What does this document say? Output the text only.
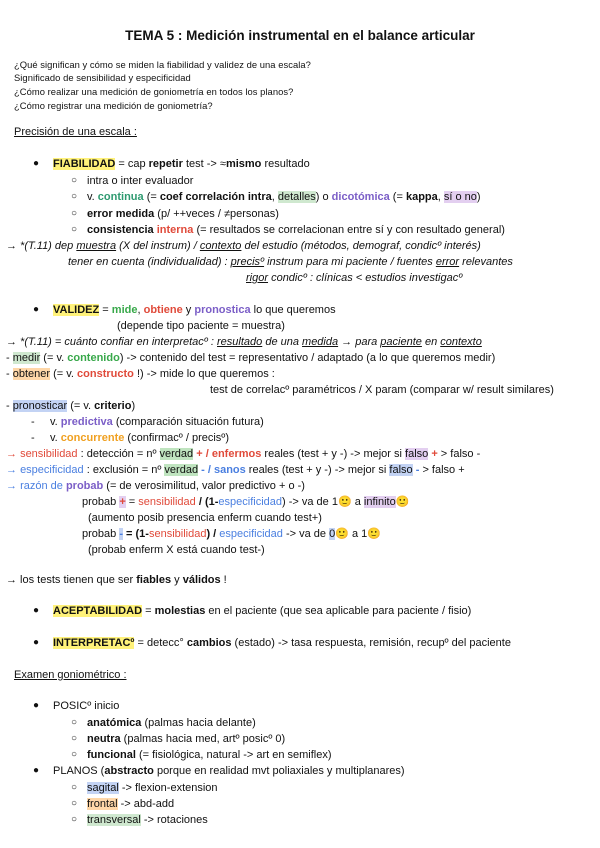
TEMA 5 : Medición instrumental en el balance articular
¿Qué significan y cómo se miden la fiabilidad y validez de una escala?
Significado de sensibilidad y especificidad
¿Cómo realizar una medición de goniometría en todos los planos?
¿Cómo registrar una medición de goniometría?
Precisión de una escala :
● FIABILIDAD = cap repetir test -> ≈mismo resultado
○ intra o inter evaluador
○ v. continua (= coef correlación intra, detalles) o dicotómica (= kappa, sí o no)
○ error medida (p/ ++veces / ≠personas)
○ consistencia interna (= resultados se correlacionan entre sí y con resultado general)
→ *(T.11) dep muestra (X del instrum) / contexto del estudio (métodos, demograf, condicº interés)
tener en cuenta (individualidad) : precisº instrum para mi paciente / fuentes error relevantes
rigor condicº : clínicas < estudios investigacº
● VALIDEZ = mide, obtiene y pronostica lo que queremos
(depende tipo paciente = muestra)
→ *(T.11) = cuánto confiar en interpretacº : resultado de una medida → para paciente en contexto
- medir (= v. contenido) -> contenido del test = representativo / adaptado (a lo que queremos medir)
- obtener (= v. constructo !) -> mide lo que queremos :
test de correlacº paramétricos / X param (comparar w/ result similares)
- pronosticar (= v. criterio)
- v. predictiva (comparación situación futura)
- v. concurrente (confirmacº / precisº)
→ sensibilidad : detección = nº verdad + / enfermos reales (test + y -) -> mejor si falso + > falso -
→ especificidad : exclusión = nº verdad - / sanos reales (test + y -) -> mejor si falso - > falso +
→ razón de probab (= de verosimilitud, valor predictivo + o -)
probab + = sensibilidad / (1-especificidad) -> va de 1🙂 a infinito🙂
(aumento posib presencia enferm cuando test+)
probab - = (1-sensibilidad) / especificidad -> va de 0🙂 a 1🙂
(probab enferm X está cuando test-)
→ los tests tienen que ser fiables y válidos !
● ACEPTABILIDAD = molestias en el paciente (que sea aplicable para paciente / fisio)
● INTERPRETACº = detecc° cambios (estado) -> tasa respuesta, remisión, recupº del paciente
Examen goniométrico :
● POSICº inicio
○ anatómica (palmas hacia delante)
○ neutra (palmas hacia med, artº posicº 0)
○ funcional (= fisiológica, natural -> art en semiflex)
● PLANOS (abstracto porque en realidad mvt poliaxiales y multiplanares)
○ sagital -> flexion-extension
○ frontal -> abd-add
○ transversal -> rotaciones
